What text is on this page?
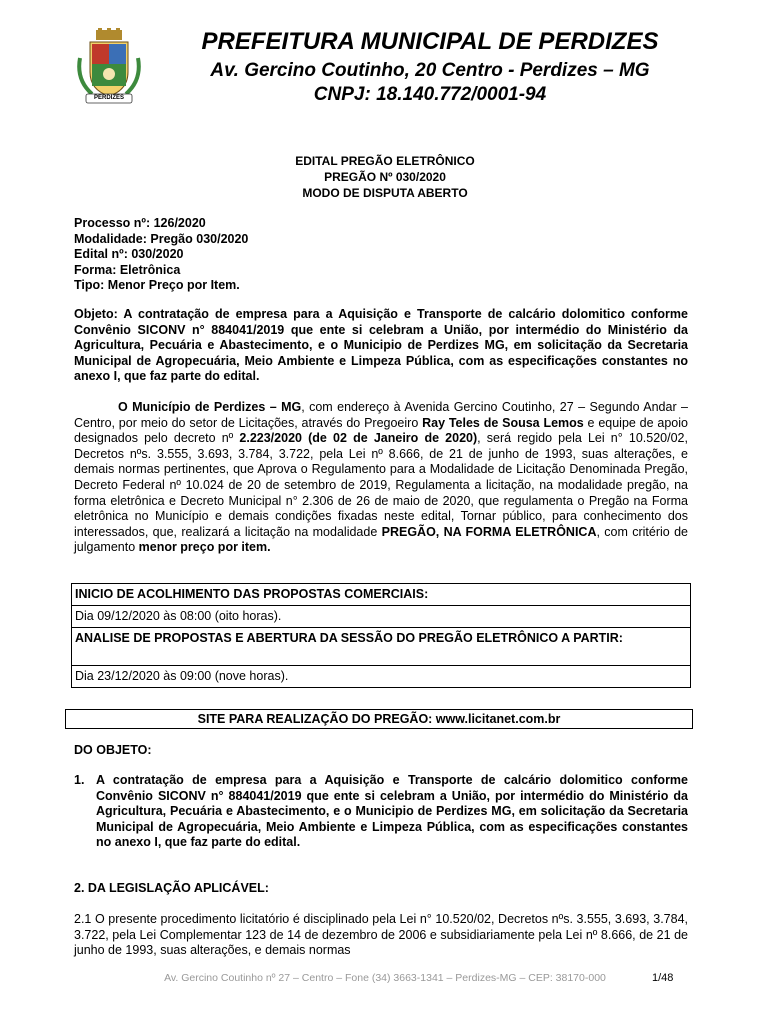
PERDIZES
PREFEITURA MUNICIPAL DE PERDIZES
Av. Gercino Coutinho, 20 Centro - Perdizes – MG
CNPJ: 18.140.772/0001-94
EDITAL PREGÃO ELETRÔNICO
PREGÃO Nº 030/2020
MODO DE DISPUTA ABERTO
Processo nº: 126/2020
Modalidade: Pregão 030/2020
Edital nº: 030/2020
Forma: Eletrônica
Tipo: Menor Preço por Item.
Objeto: A contratação de empresa para a Aquisição e Transporte de calcário dolomitico conforme Convênio SICONV n° 884041/2019 que ente si celebram a União, por intermédio do Ministério da Agricultura, Pecuária e Abastecimento, e o Municipio de Perdizes MG, em solicitação da Secretaria Municipal de Agropecuária, Meio Ambiente e Limpeza Pública, com as especificações constantes no anexo I, que faz parte do edital.
O Município de Perdizes – MG, com endereço à Avenida Gercino Coutinho, 27 – Segundo Andar – Centro, por meio do setor de Licitações, através do Pregoeiro Ray Teles de Sousa Lemos e equipe de apoio designados pelo decreto nº 2.223/2020 (de 02 de Janeiro de 2020), será regido pela Lei n° 10.520/02, Decretos nºs. 3.555, 3.693, 3.784, 3.722, pela Lei nº 8.666, de 21 de junho de 1993, suas alterações, e demais normas pertinentes, que Aprova o Regulamento para a Modalidade de Licitação Denominada Pregão, Decreto Federal nº 10.024 de 20 de setembro de 2019, Regulamenta a licitação, na modalidade pregão, na forma eletrônica e Decreto Municipal n° 2.306 de 26 de maio de 2020, que regulamenta o Pregão na Forma eletrônica no Município e demais condições fixadas neste edital, Tornar público, para conhecimento dos interessados, que, realizará a licitação na modalidade PREGÃO, NA FORMA ELETRÔNICA, com critério de julgamento menor preço por item.
INICIO DE ACOLHIMENTO DAS PROPOSTAS COMERCIAIS:
Dia 09/12/2020 às 08:00 (oito horas).
ANALISE DE PROPOSTAS E ABERTURA DA SESSÃO DO PREGÃO ELETRÔNICO A PARTIR:
Dia 23/12/2020 às 09:00 (nove horas).
SITE PARA REALIZAÇÃO DO PREGÃO: www.licitanet.com.br
DO OBJETO:
1. A contratação de empresa para a Aquisição e Transporte de calcário dolomitico conforme Convênio SICONV n° 884041/2019 que ente si celebram a União, por intermédio do Ministério da Agricultura, Pecuária e Abastecimento, e o Municipio de Perdizes MG, em solicitação da Secretaria Municipal de Agropecuária, Meio Ambiente e Limpeza Pública, com as especificações constantes no anexo I, que faz parte do edital.
2. DA LEGISLAÇÃO APLICÁVEL:
2.1 O presente procedimento licitatório é disciplinado pela Lei n° 10.520/02, Decretos nºs. 3.555, 3.693, 3.784, 3.722, pela Lei Complementar 123 de 14 de dezembro de 2006 e subsidiariamente pela Lei nº 8.666, de 21 de junho de 1993, suas alterações, e demais normas
Av. Gercino Coutinho nº 27 – Centro – Fone (34) 3663-1341 – Perdizes-MG – CEP: 38170-000	1/48
